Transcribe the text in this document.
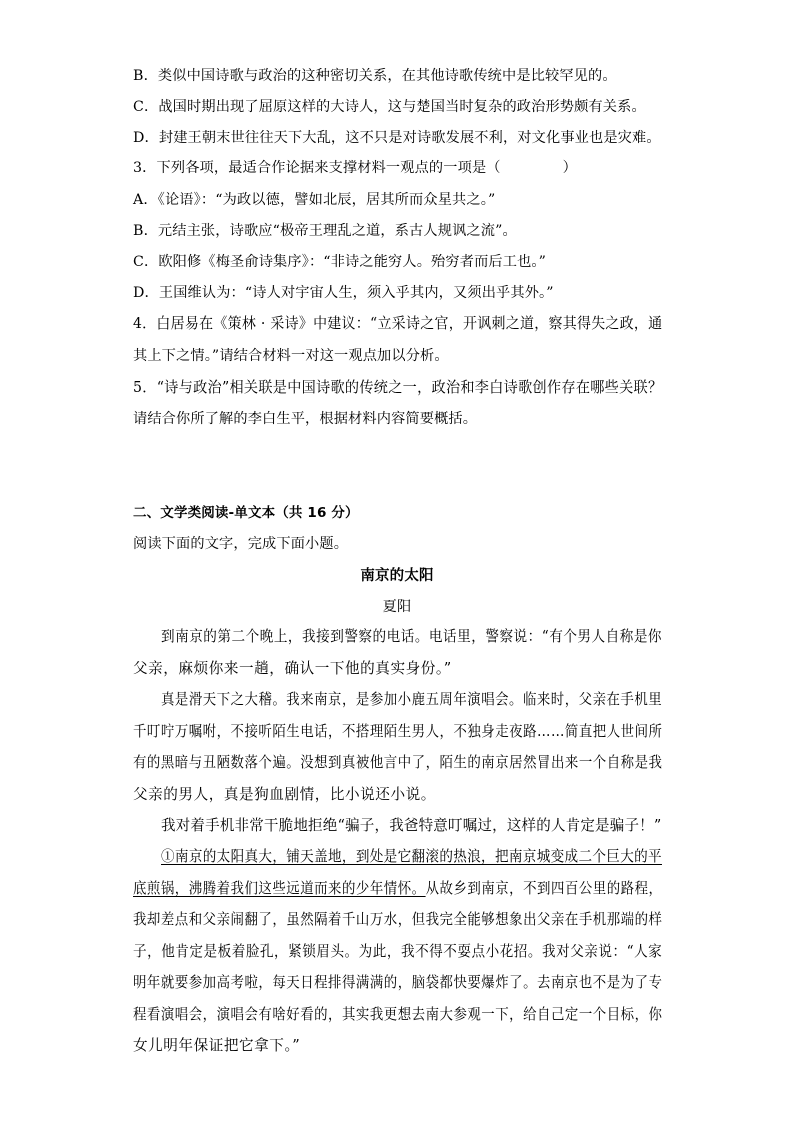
B．类似中国诗歌与政治的这种密切关系，在其他诗歌传统中是比较罕见的。
C．战国时期出现了屈原这样的大诗人，这与楚国当时复杂的政治形势颇有关系。
D．封建王朝末世往往天下大乱，这不只是对诗歌发展不利，对文化事业也是灾难。
3．下列各项，最适合作论据来支撑材料一观点的一项是（	）
A．《论语》：“为政以德，譬如北辰，居其所而众星共之。”
B．元结主张，诗歌应“极帝王理乱之道，系古人规讽之流”。
C．欧阳修《梅圣俞诗集序》：“非诗之能穷人。殆穷者而后工也。”
D．王国维认为：“诗人对宇宙人生，须入乎其内，又须出乎其外。”
4．白居易在《策林 · 采诗》中建议：“立采诗之官，开讽刺之道，察其得失之政，通
其上下之情。”请结合材料一对这一观点加以分析。
5．“诗与政治”相关联是中国诗歌的传统之一，政治和李白诗歌创作存在哪些关联？
请结合你所了解的李白生平，根据材料内容简要概括。
二、文学类阅读-单文本（共 16 分）
阅读下面的文字，完成下面小题。
南京的太阳
夏阳
到南京的第二个晚上，我接到警察的电话。电话里，警察说：“有个男人自称是你
父亲，麻烦你来一趟，确认一下他的真实身份。”
真是滑天下之大稽。我来南京，是参加小鹿五周年演唱会。临来时，父亲在手机里
千叮咛万嘱咐，不接听陌生电话，不搭理陌生男人，不独身走夜路……简直把人世间所
有的黑暗与丑陋数落个遍。没想到真被他言中了，陌生的南京居然冒出来一个自称是我
父亲的男人，真是狗血剧情，比小说还小说。
我对着手机非常干脆地拒绝“骗子，我爸特意叮嘱过，这样的人肯定是骗子！”
①南京的太阳真大，铺天盖地，到处是它翻滚的热浪，把南京城变成二个巨大的平
底煎锅，沸腾着我们这些远道而来的少年情怀。从故乡到南京，不到四百公里的路程，
我却差点和父亲闹翻了，虽然隔着千山万水，但我完全能够想象出父亲在手机那端的样
子，他肯定是板着脸孔，紧锁眉头。为此，我不得不耍点小花招。我对父亲说：“人家
明年就要参加高考啦，每天日程排得满满的，脑袋都快要爆炸了。去南京也不是为了专
程看演唱会，演唱会有啥好看的，其实我更想去南大参观一下，给自己定一个目标，你
女儿明年保证把它拿下。”
